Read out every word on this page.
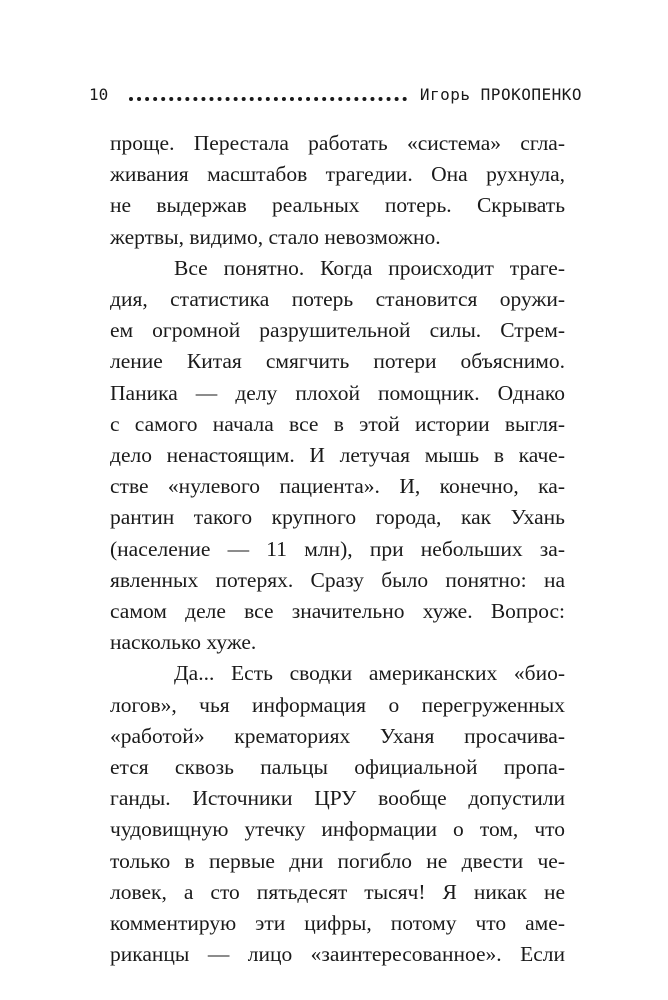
10	Игорь ПРОКОПЕНКО

проще. Перестала работать «система» сгла-
живания масштабов трагедии. Она рухнула,
не выдержав реальных потерь. Скрывать
жертвы, видимо, стало невозможно.

Все понятно. Когда происходит траге-
дия, статистика потерь становится оружи-
ем огромной разрушительной силы. Стрем-
ление Китая смягчить потери объяснимо.
Паника — делу плохой помощник. Однако
с самого начала все в этой истории выгля-
дело ненастоящим. И летучая мышь в каче-
стве «нулевого пациента». И, конечно, ка-
рантин такого крупного города, как Ухань
(население — 11 млн), при небольших за-
явленных потерях. Сразу было понятно: на
самом деле все значительно хуже. Вопрос:
насколько хуже.

Да... Есть сводки американских «био-
логов», чья информация о перегруженных
«работой» крематориях Уханя просачива-
ется сквозь пальцы официальной пропа-
ганды. Источники ЦРУ вообще допустили
чудовищную утечку информации о том, что
только в первые дни погибло не двести че-
ловек, а сто пятьдесят тысяч! Я никак не
комментирую эти цифры, потому что аме-
риканцы — лицо «заинтересованное». Если
